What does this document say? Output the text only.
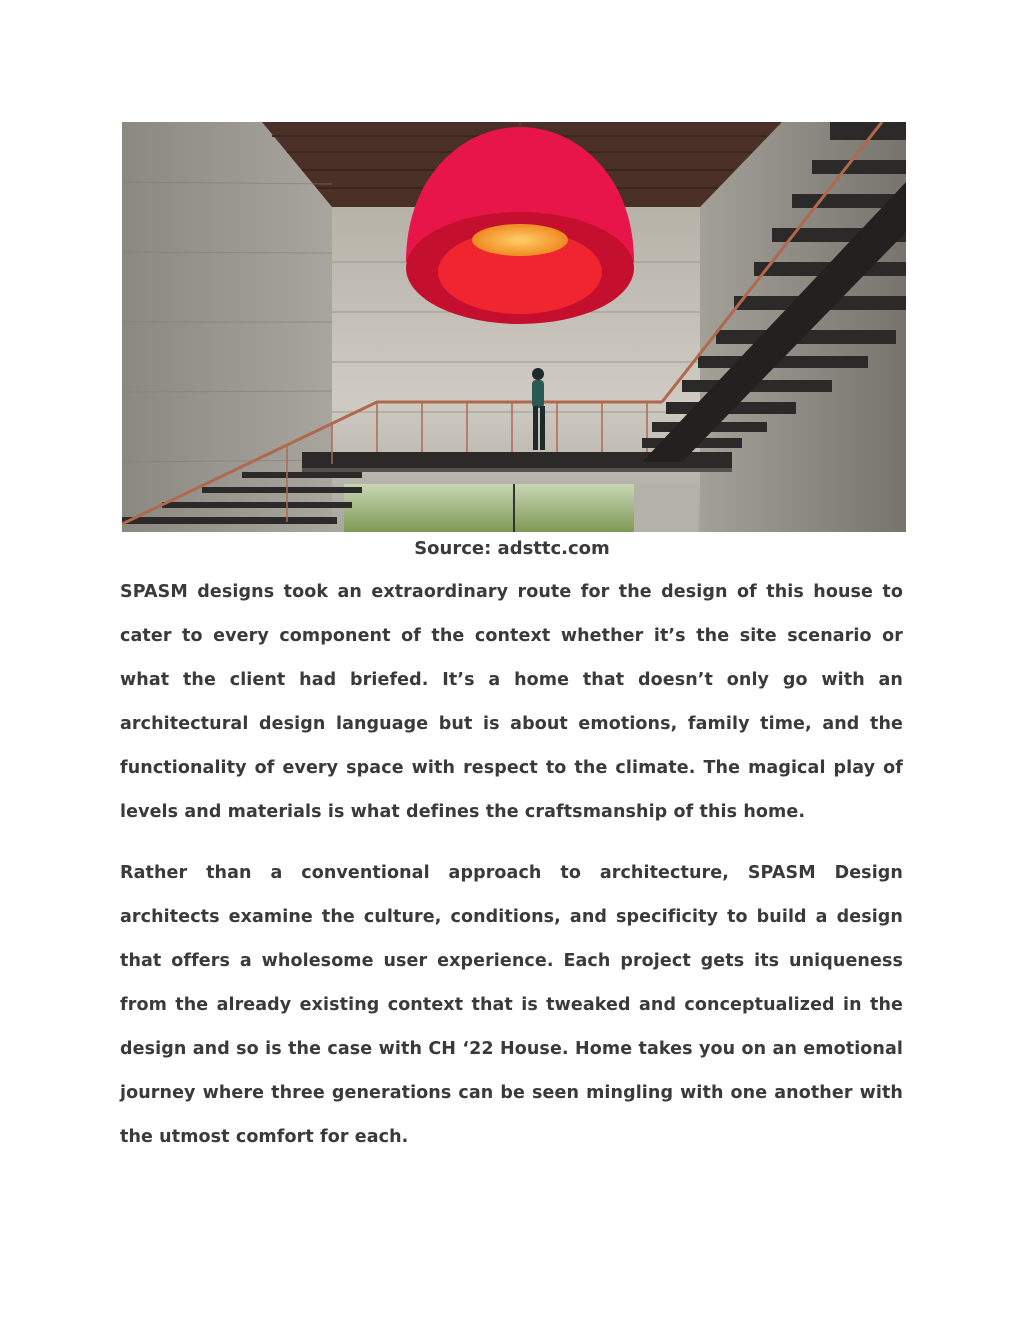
Source: adsttc.com

SPASM designs took an extraordinary route for the design of this house to cater to every component of the context whether it’s the site scenario or what the client had briefed. It’s a home that doesn’t only go with an architectural design language but is about emotions, family time, and the functionality of every space with respect to the climate. The magical play of levels and materials is what defines the craftsmanship of this home.

Rather than a conventional approach to architecture, SPASM Design architects examine the culture, conditions, and specificity to build a design that offers a wholesome user experience. Each project gets its uniqueness from the already existing context that is tweaked and conceptualized in the design and so is the case with CH ‘22 House. Home takes you on an emotional journey where three generations can be seen mingling with one another with the utmost comfort for each.
